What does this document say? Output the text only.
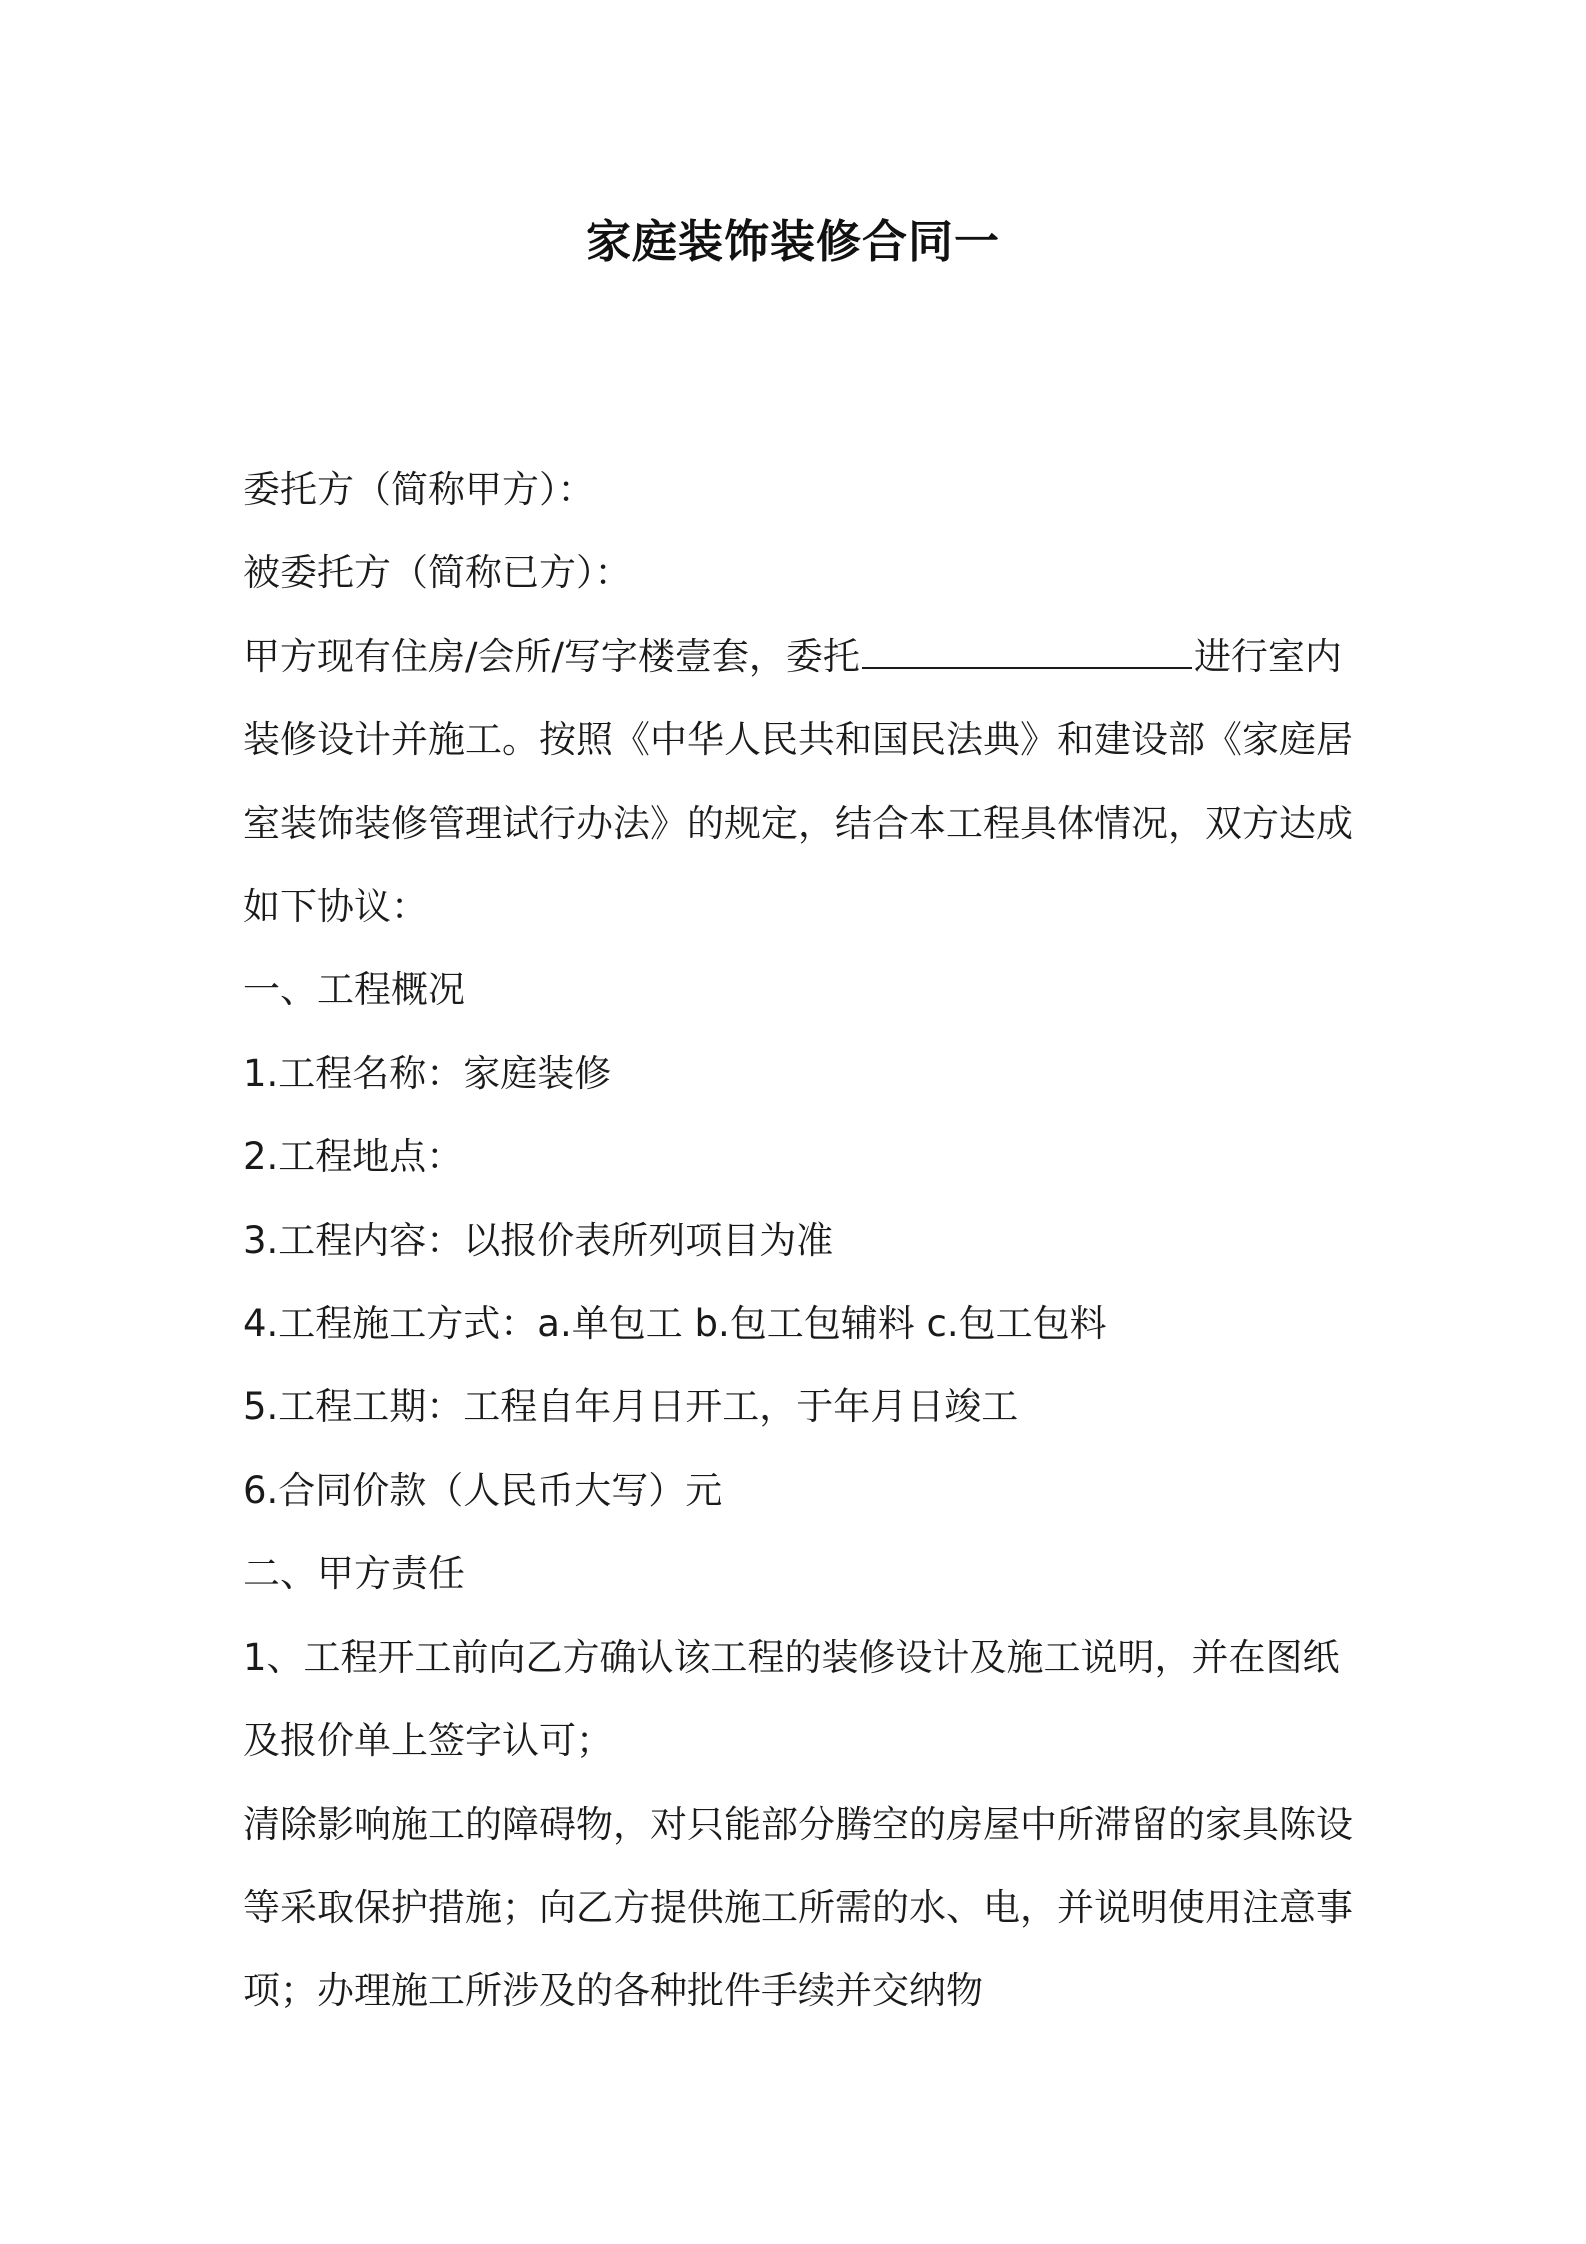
家庭装饰装修合同一

委托方（简称甲方）：

被委托方（简称已方）：

甲方现有住房/会所/写字楼壹套，委托	进行室内

装修设计并施工。按照《中华人民共和国民法典》和建设部《家庭居

室装饰装修管理试行办法》的规定，结合本工程具体情况，双方达成

如下协议：

一、工程概况

1.工程名称：家庭装修

2.工程地点：

3.工程内容：以报价表所列项目为准

4.工程施工方式：a.单包工 b.包工包辅料 c.包工包料

5.工程工期：工程自年月日开工，于年月日竣工

6.合同价款（人民币大写）元

二、甲方责任

1、工程开工前向乙方确认该工程的装修设计及施工说明，并在图纸

及报价单上签字认可；

清除影响施工的障碍物，对只能部分腾空的房屋中所滞留的家具陈设

等采取保护措施；向乙方提供施工所需的水、电，并说明使用注意事

项；办理施工所涉及的各种批件手续并交纳物
